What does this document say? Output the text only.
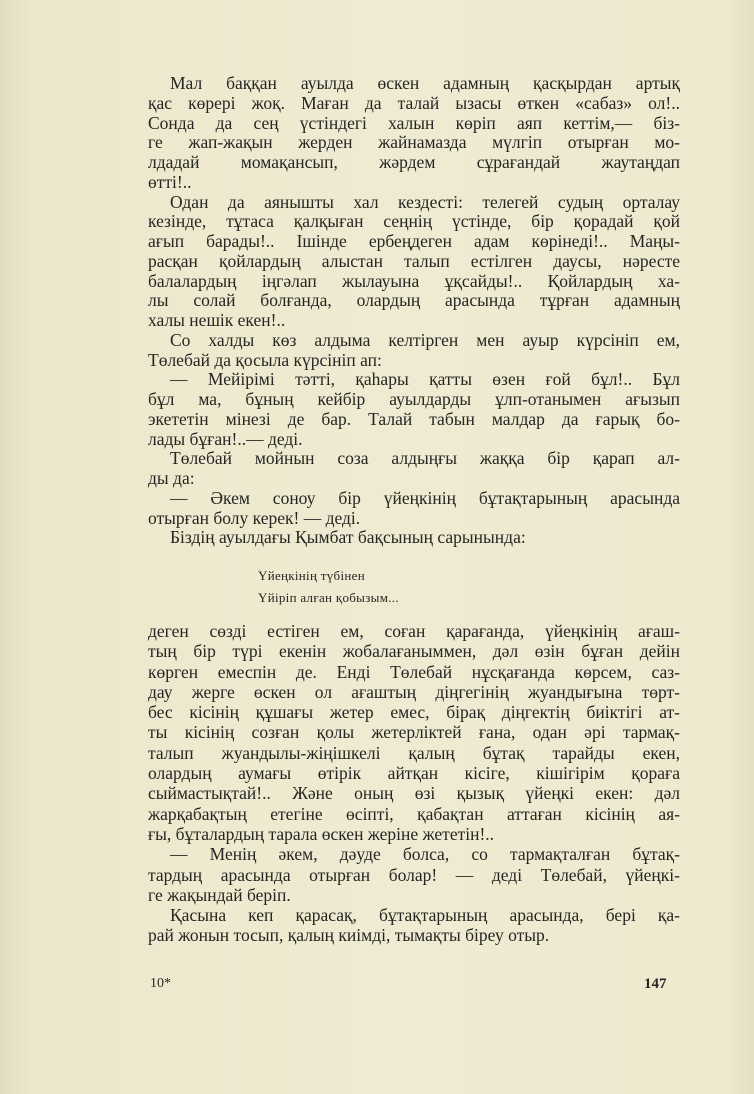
Мал баққан ауылда өскен адамның қасқырдан артық
қас көрері жоқ. Маған да талай ызасы өткен «сабаз» ол!..
Сонда да сең үстіндегі халын көріп аяп кеттім,— біз-
ге жап-жақын жерден жайнамазда мүлгіп отырған мо-
лдадай момақансып, жәрдем сұрағандай жаутаңдап
өтті!..
Одан да аянышты хал кездесті: телегей судың орталау
кезінде, тұтаса қалқыған сеңнің үстінде, бір қорадай қой
ағып барады!.. Ішінде ербеңдеген адам көрінеді!.. Маңы-
расқан қойлардың алыстан талып естілген даусы, нәресте
балалардың іңгәлап жылауына ұқсайды!.. Қойлардың ха-
лы солай болғанда, олардың арасында тұрған адамның
халы нешік екен!..
Со халды көз алдыма келтірген мен ауыр күрсініп ем,
Төлебай да қосыла күрсініп ап:
— Мейірімі тәтті, қаһары қатты өзен ғой бұл!.. Бұл
бұл ма, бұның кейбір ауылдарды ұлп-отанымен ағызып
экететін мінезі де бар. Талай табын малдар да ғарық бо-
лады бұған!..— деді.
Төлебай мойнын соза алдыңғы жаққа бір қарап ал-
ды да:
— Әкем соноу бір үйеңкінің бұтақтарының арасында
отырған болу керек! — деді.
Біздің ауылдағы Қымбат бақсының сарынында:
Үйеңкінің түбінен
Үйіріп алған қобызым...
деген сөзді естіген ем, соған қарағанда, үйеңкінің ағаш-
тың бір түрі екенін жобалағаныммен, дәл өзін бұған дейін
көрген емеспін де. Енді Төлебай нұсқағанда көрсем, саз-
дау жерге өскен ол ағаштың діңгегінің жуандығына төрт-
бес кісінің құшағы жетер емес, бірақ діңгектің биіктігі ат-
ты кісінің созған қолы жетерліктей ғана, одан әрі тармақ-
талып жуандылы-жіңішкелі қалың бұтақ тарайды екен,
олардың аумағы өтірік айтқан кісіге, кішігірім қораға
сыймастықтай!.. Және оның өзі қызық үйеңкі екен: дәл
жарқабақтың етегіне өсіпті, қабақтан аттаған кісінің ая-
ғы, бұталардың тарала өскен жеріне жететін!..
— Менің әкем, дәуде болса, со тармақталған бұтақ-
тардың арасында отырған болар! — деді Төлебай, үйеңкі-
ге жақындай беріп.
Қасына кеп қарасақ, бұтақтарының арасында, бері қа-
рай жонын тосып, қалың киімді, тымақты біреу отыр.
10*	147
